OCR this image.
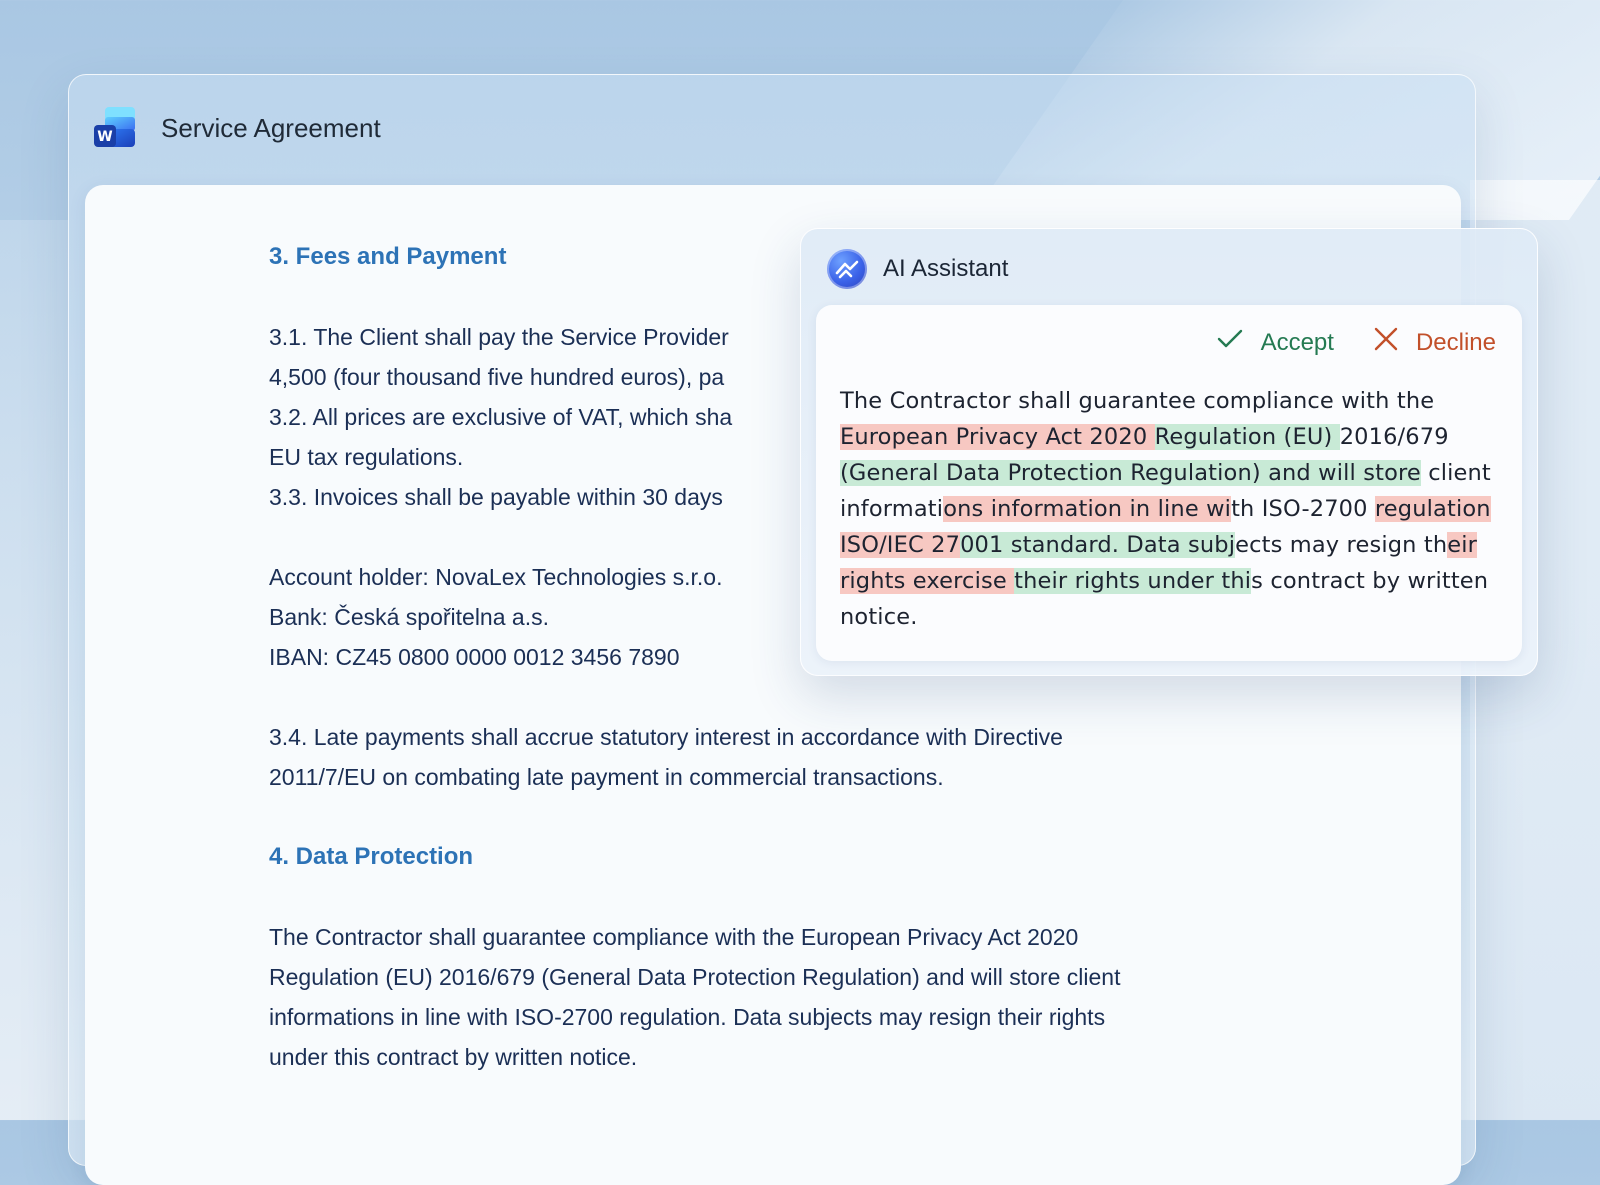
W Service Agreement
3. Fees and Payment
3.1. The Client shall pay the Service Provider
4,500 (four thousand five hundred euros), pa
3.2. All prices are exclusive of VAT, which sha
EU tax regulations.
3.3. Invoices shall be payable within 30 days
Account holder: NovaLex Technologies s.r.o.
Bank: Česká spořitelna a.s.
IBAN: CZ45 0800 0000 0012 3456 7890
3.4. Late payments shall accrue statutory interest in accordance with Directive
2011/7/EU on combating late payment in commercial transactions.
4. Data Protection
The Contractor shall guarantee compliance with the European Privacy Act 2020
Regulation (EU) 2016/679 (General Data Protection Regulation) and will store client
informations in line with ISO-2700 regulation. Data subjects may resign their rights
under this contract by written notice.
AI Assistant
Accept	Decline
The Contractor shall guarantee compliance with the European Privacy Act 2020 Regulation (EU) 2016/679 (General Data Protection Regulation) and will store client informations information in line with ISO-2700 regulation ISO/IEC 27001 standard. Data subjects may resign their rights exercise their rights under this contract by written notice.
